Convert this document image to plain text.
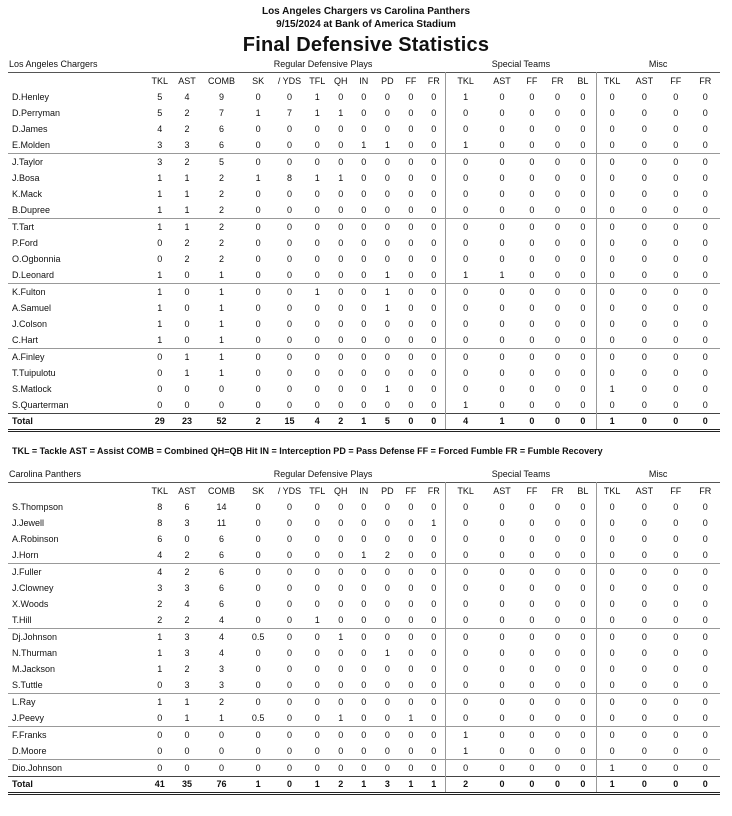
Los Angeles Chargers vs Carolina Panthers
9/15/2024 at Bank of America Stadium
Final Defensive Statistics
Los Angeles Chargers			Regular Defensive Plays									Special Teams					Misc			
	TKL	AST	COMB	SK	/ YDS	TFL	QH	IN	PD	FF	FR	TKL	AST	FF	FR	BL	TKL	AST	FF	FR
D.Henley	5	4	9	0	0	1	0	0	0	0	0	1	0	0	0	0	0	0	0	0
D.Perryman	5	2	7	1	7	1	1	0	0	0	0	0	0	0	0	0	0	0	0	0
D.James	4	2	6	0	0	0	0	0	0	0	0	0	0	0	0	0	0	0	0	0
E.Molden	3	3	6	0	0	0	0	1	1	0	0	1	0	0	0	0	0	0	0	0
J.Taylor	3	2	5	0	0	0	0	0	0	0	0	0	0	0	0	0	0	0	0	0
J.Bosa	1	1	2	1	8	1	1	0	0	0	0	0	0	0	0	0	0	0	0	0
K.Mack	1	1	2	0	0	0	0	0	0	0	0	0	0	0	0	0	0	0	0	0
B.Dupree	1	1	2	0	0	0	0	0	0	0	0	0	0	0	0	0	0	0	0	0
T.Tart	1	1	2	0	0	0	0	0	0	0	0	0	0	0	0	0	0	0	0	0
P.Ford	0	2	2	0	0	0	0	0	0	0	0	0	0	0	0	0	0	0	0	0
O.Ogbonnia	0	2	2	0	0	0	0	0	0	0	0	0	0	0	0	0	0	0	0	0
D.Leonard	1	0	1	0	0	0	0	0	1	0	0	1	1	0	0	0	0	0	0	0
K.Fulton	1	0	1	0	0	1	0	0	1	0	0	0	0	0	0	0	0	0	0	0
A.Samuel	1	0	1	0	0	0	0	0	1	0	0	0	0	0	0	0	0	0	0	0
J.Colson	1	0	1	0	0	0	0	0	0	0	0	0	0	0	0	0	0	0	0	0
C.Hart	1	0	1	0	0	0	0	0	0	0	0	0	0	0	0	0	0	0	0	0
A.Finley	0	1	1	0	0	0	0	0	0	0	0	0	0	0	0	0	0	0	0	0
T.Tuipulotu	0	1	1	0	0	0	0	0	0	0	0	0	0	0	0	0	0	0	0	0
S.Matlock	0	0	0	0	0	0	0	0	1	0	0	0	0	0	0	0	1	0	0	0
S.Quarterman	0	0	0	0	0	0	0	0	0	0	0	1	0	0	0	0	0	0	0	0
Total	29	23	52	2	15	4	2	1	5	0	0	4	1	0	0	0	1	0	0	0
TKL = Tackle AST = Assist COMB = Combined QH=QB Hit IN = Interception PD = Pass Defense FF = Forced Fumble FR = Fumble Recovery
Carolina Panthers			Regular Defensive Plays									Special Teams					Misc			
	TKL	AST	COMB	SK	/ YDS	TFL	QH	IN	PD	FF	FR	TKL	AST	FF	FR	BL	TKL	AST	FF	FR
S.Thompson	8	6	14	0	0	0	0	0	0	0	0	0	0	0	0	0	0	0	0	0
J.Jewell	8	3	11	0	0	0	0	0	0	0	1	0	0	0	0	0	0	0	0	0
A.Robinson	6	0	6	0	0	0	0	0	0	0	0	0	0	0	0	0	0	0	0	0
J.Horn	4	2	6	0	0	0	0	1	2	0	0	0	0	0	0	0	0	0	0	0
J.Fuller	4	2	6	0	0	0	0	0	0	0	0	0	0	0	0	0	0	0	0	0
J.Clowney	3	3	6	0	0	0	0	0	0	0	0	0	0	0	0	0	0	0	0	0
X.Woods	2	4	6	0	0	0	0	0	0	0	0	0	0	0	0	0	0	0	0	0
T.Hill	2	2	4	0	0	1	0	0	0	0	0	0	0	0	0	0	0	0	0	0
Dj.Johnson	1	3	4	0.5	0	0	1	0	0	0	0	0	0	0	0	0	0	0	0	0
N.Thurman	1	3	4	0	0	0	0	0	1	0	0	0	0	0	0	0	0	0	0	0
M.Jackson	1	2	3	0	0	0	0	0	0	0	0	0	0	0	0	0	0	0	0	0
S.Tuttle	0	3	3	0	0	0	0	0	0	0	0	0	0	0	0	0	0	0	0	0
L.Ray	1	1	2	0	0	0	0	0	0	0	0	0	0	0	0	0	0	0	0	0
J.Peevy	0	1	1	0.5	0	0	1	0	0	1	0	0	0	0	0	0	0	0	0	0
F.Franks	0	0	0	0	0	0	0	0	0	0	0	1	0	0	0	0	0	0	0	0
D.Moore	0	0	0	0	0	0	0	0	0	0	0	1	0	0	0	0	0	0	0	0
Dio.Johnson	0	0	0	0	0	0	0	0	0	0	0	0	0	0	0	0	1	0	0	0
Total	41	35	76	1	0	1	2	1	3	1	1	2	0	0	0	0	1	0	0	0
